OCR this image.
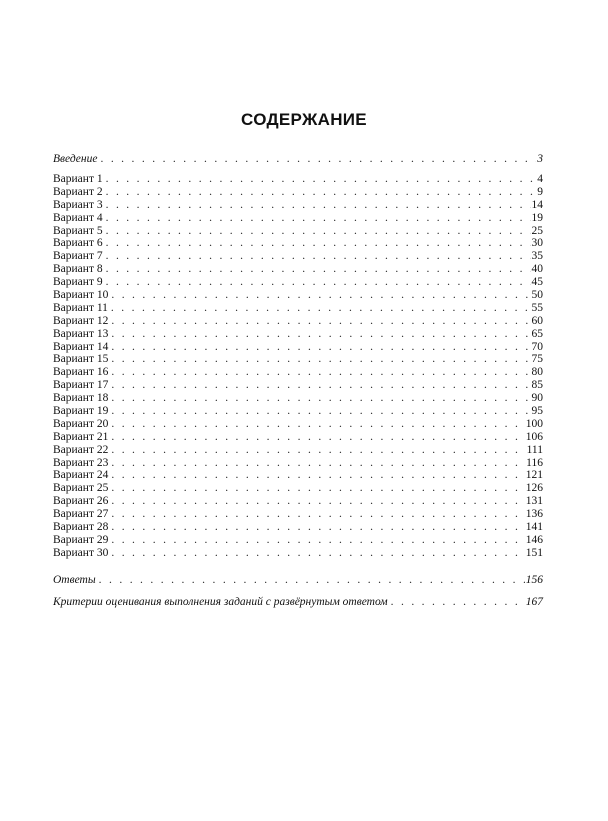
СОДЕРЖАНИЕ
Введение . . .	3
Вариант 1 . . .	4
Вариант 2 . . .	9
Вариант 3 . . .	14
Вариант 4 . . .	19
Вариант 5 . . .	25
Вариант 6 . . .	30
Вариант 7 . . .	35
Вариант 8 . . .	40
Вариант 9 . . .	45
Вариант 10 . . .	50
Вариант 11 . . .	55
Вариант 12 . . .	60
Вариант 13 . . .	65
Вариант 14 . . .	70
Вариант 15 . . .	75
Вариант 16 . . .	80
Вариант 17 . . .	85
Вариант 18 . . .	90
Вариант 19 . . .	95
Вариант 20 . . .	100
Вариант 21 . . .	106
Вариант 22 . . .	111
Вариант 23 . . .	116
Вариант 24 . . .	121
Вариант 25 . . .	126
Вариант 26 . . .	131
Вариант 27 . . .	136
Вариант 28 . . .	141
Вариант 29 . . .	146
Вариант 30 . . .	151
Ответы . . .	156
Критерии оценивания выполнения заданий с развёрнутым ответом . . .	167
